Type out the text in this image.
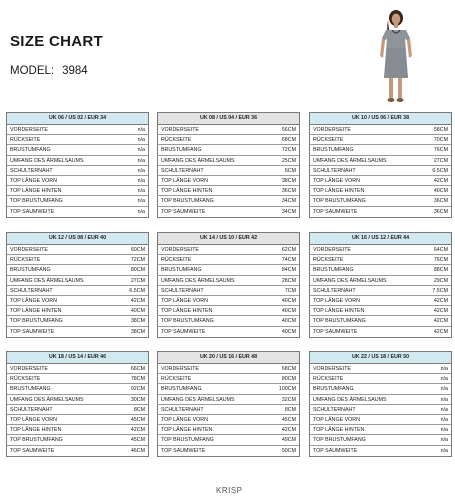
SIZE CHART
MODEL: 3984
UK 06 / US 02 / EUR 34
VORDERSEITE	n/a
RÜCKSEITE	n/a
BRUSTUMFANG	n/a
UMFANG DES ÄRMELSAUMS	n/a
SCHULTERNAHT	n/a
TOP LÄNGE VORN	n/a
TOP LÄNGE HINTEN	n/a
TOP BRUSTUMFANG	n/a
TOP SAUMWEITE	n/a
UK 08 / US 04 / EUR 36
VORDERSEITE	56CM
RÜCKSEITE	68CM
BRUSTUMFANG	72CM
UMFANG DES ÄRMELSAUMS	25CM
SCHULTERNAHT	6CM
TOP LÄNGE VORN	38CM
TOP LÄNGE HINTEN	36CM
TOP BRUSTUMFANG	34CM
TOP SAUMWEITE	34CM
UK 10 / US 06 / EUR 38
VORDERSEITE	58CM
RÜCKSEITE	70CM
BRUSTUMFANG	76CM
UMFANG DES ÄRMELSAUMS	27CM
SCHULTERNAHT	6.5CM
TOP LÄNGE VORN	42CM
TOP LÄNGE HINTEN	40CM
TOP BRUSTUMFANG	36CM
TOP SAUMWEITE	36CM
UK 12 / US 08 / EUR 40
VORDERSEITE	60CM
RÜCKSEITE	72CM
BRUSTUMFANG	80CM
UMFANG DES ÄRMELSAUMS	27CM
SCHULTERNAHT	6.5CM
TOP LÄNGE VORN	42CM
TOP LÄNGE HINTEN	40CM
TOP BRUSTUMFANG	38CM
TOP SAUMWEITE	38CM
UK 14 / US 10 / EUR 42
VORDERSEITE	62CM
RÜCKSEITE	74CM
BRUSTUMFANG	84CM
UMFANG DES ÄRMELSAUMS	28CM
SCHULTERNAHT	7CM
TOP LÄNGE VORN	40CM
TOP LÄNGE HINTEN	40CM
TOP BRUSTUMFANG	40CM
TOP SAUMWEITE	40CM
UK 16 / US 12 / EUR 44
VORDERSEITE	64CM
RÜCKSEITE	76CM
BRUSTUMFANG	88CM
UMFANG DES ÄRMELSAUMS	29CM
SCHULTERNAHT	7.5CM
TOP LÄNGE VORN	42CM
TOP LÄNGE HINTEN	42CM
TOP BRUSTUMFANG	42CM
TOP SAUMWEITE	42CM
UK 18 / US 14 / EUR 46
VORDERSEITE	66CM
RÜCKSEITE	78CM
BRUSTUMFANG	92CM
UMFANG DES ÄRMELSAUMS	30CM
SCHULTERNAHT	8CM
TOP LÄNGE VORN	45CM
TOP LÄNGE HINTEN	42CM
TOP BRUSTUMFANG	45CM
TOP SAUMWEITE	46CM
UK 20 / US 16 / EUR 48
VORDERSEITE	68CM
RÜCKSEITE	80CM
BRUSTUMFANG	100CM
UMFANG DES ÄRMELSAUMS	32CM
SCHULTERNAHT	8CM
TOP LÄNGE VORN	45CM
TOP LÄNGE HINTEN	42CM
TOP BRUSTUMFANG	49CM
TOP SAUMWEITE	50CM
UK 22 / US 18 / EUR 50
VORDERSEITE	n/a
RÜCKSEITE	n/a
BRUSTUMFANG	n/a
UMFANG DES ÄRMELSAUMS	n/a
SCHULTERNAHT	n/a
TOP LÄNGE VORN	n/a
TOP LÄNGE HINTEN	n/a
TOP BRUSTUMFANG	n/a
TOP SAUMWEITE	n/a
KRISP
